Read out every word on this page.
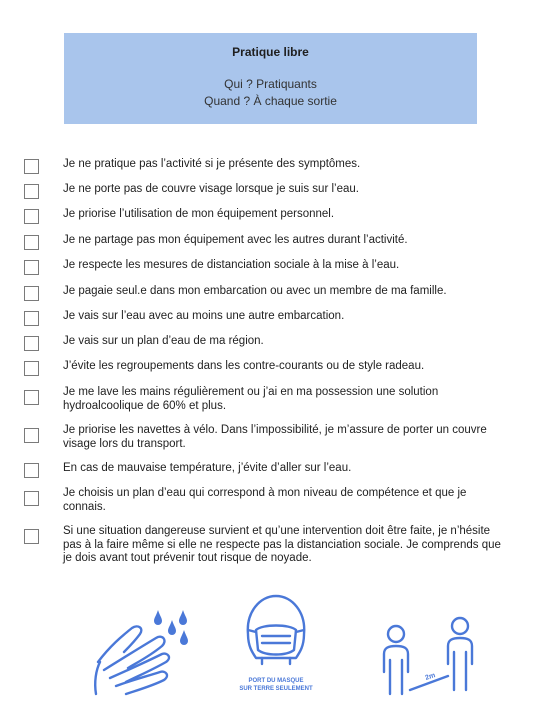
Pratique libre
Qui ? Pratiquants
Quand ? À chaque sortie
Je ne pratique pas l’activité si je présente des symptômes.
Je ne porte pas de couvre visage lorsque je suis sur l’eau.
Je priorise l’utilisation de mon équipement personnel.
Je ne partage pas mon équipement avec les autres durant l’activité.
Je respecte les mesures de distanciation sociale à la mise à l’eau.
Je pagaie seul.e dans mon embarcation ou avec un membre de ma famille.
Je vais sur l’eau avec au moins une autre embarcation.
Je vais sur un plan d’eau de ma région.
J’évite les regroupements dans les contre-courants ou de style radeau.
Je me lave les mains régulièrement ou j’ai en ma possession une solution hydroalcoolique de 60% et plus.
Je priorise les navettes à vélo. Dans l’impossibilité, je m’assure de porter un couvre visage lors du transport.
En cas de mauvaise température, j’évite d’aller sur l’eau.
Je choisis un plan d’eau qui correspond à mon niveau de compétence et que je connais.
Si une situation dangereuse survient et qu’une intervention doit être faite, je n’hésite pas à la faire même si elle ne respecte pas la distanciation sociale. Je comprends que je dois avant tout prévenir tout risque de noyade.
PORT DU MASQUE
SUR TERRE SEULEMENT
2m
